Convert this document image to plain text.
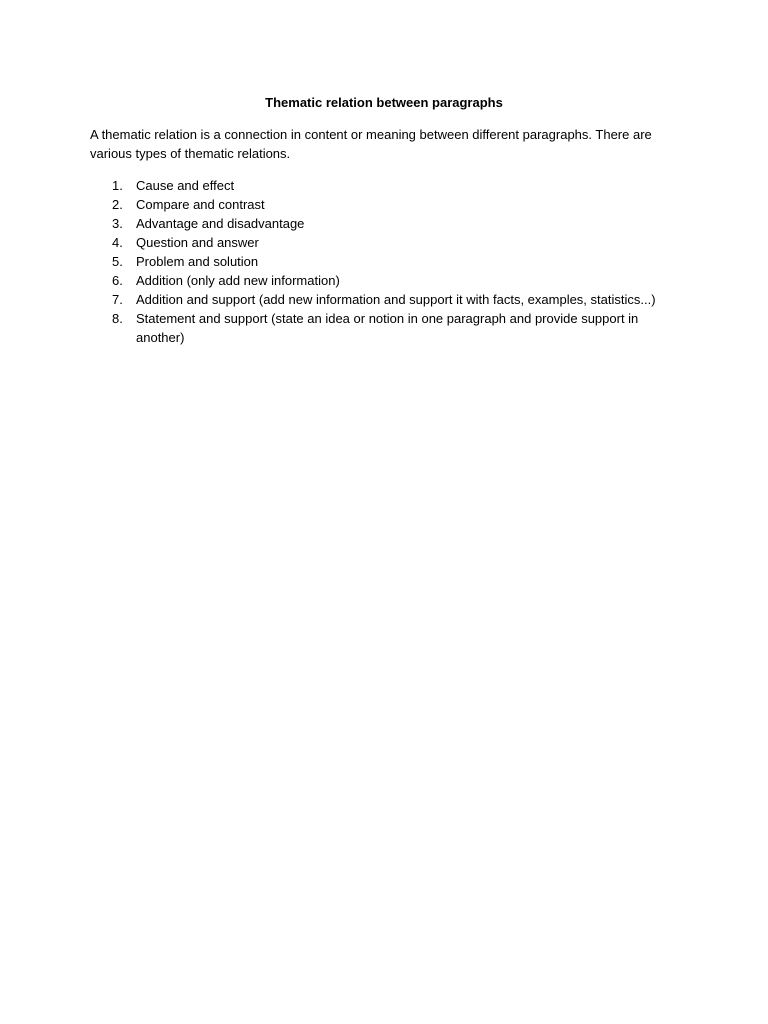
Thematic relation between paragraphs

A thematic relation is a connection in content or meaning between different paragraphs. There are various types of thematic relations.

1.	Cause and effect
2.	Compare and contrast
3.	Advantage and disadvantage
4.	Question and answer
5.	Problem and solution
6.	Addition (only add new information)
7.	Addition and support (add new information and support it with facts, examples, statistics...)
8.	Statement and support (state an idea or notion in one paragraph and provide support in another)
